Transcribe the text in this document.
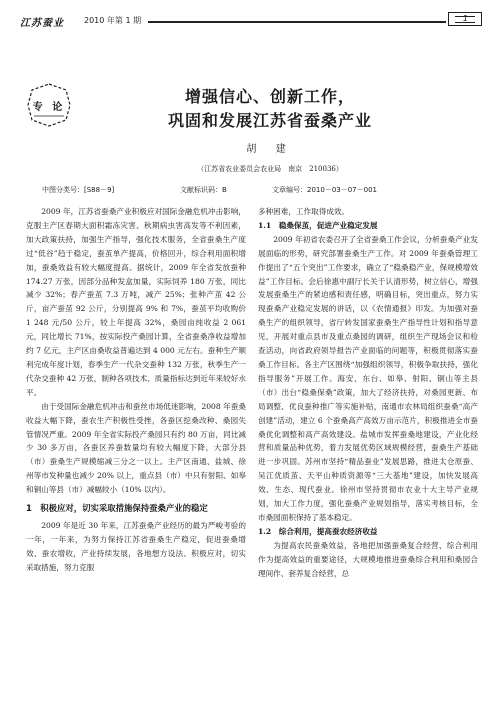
江苏蚕业	2010 年第 1 期	1
专 论
增强信心、创新工作，
巩固和发展江苏省蚕桑产业
胡 建
（江苏省农业委员会农业局　南京　210036）
中图分类号：[S88－9]	文献标识码：B	文章编号：2010－03－07－001

2009 年，江苏省蚕桑产业积极应对国际金融危机冲击影响，克服主产区春期大面积霜冻灾害、秋期病虫害高发等不利因素，加大政策扶持，加强生产指导，强化技术服务，全省蚕桑生产度过“低谷”趋于稳定，蚕茧单产提高，价格回升，综合利用面积增加，蚕桑效益有较大幅度提高。据统计，2009 年全省发放蚕种 174.27 万张，因部分品种发盒加量，实际饲养 180 万张，同比减少 32%；春产蚕茧 7.3 万吨，减产 25%；张种产茧 42 公斤，亩产蚕茧 92 公斤，分别提高 9% 和 7%，蚕茧平均收购价 1 248 元/50 公斤，较上年提高 32%，桑园亩纯收益 2 061 元，同比增长 71%，按实际投产桑园计算，全省蚕桑净收益增加约 7 亿元，主产区亩桑收益普遍达到 4 000 元左右。蚕种生产顺利完成年度计划，春季生产一代杂交蚕种 132 万张，秋季生产一代杂交蚕种 42 万张，制种各项技术、质量指标达到近年来较好水平。

由于受国际金融危机冲击和蚕丝市场低迷影响，2008 年蚕桑收益大幅下降，蚕农生产积极性受挫，各蚕区挖桑改种、桑园失管情况严重。2009 年全省实际投产桑园只有约 80 万亩，同比减少 30 多万亩，各蚕区养蚕数量均有较大幅度下降，大部分县（市）蚕桑生产规模缩减三分之一以上。主产区南通、盐城、徐州等市发种量也减少 20% 以上，重点县（市）中只有射阳、如皋和铜山等县（市）减幅较小（10% 以内）。

1　积极应对，切实采取措施保持蚕桑产业的稳定

2009 年是近 30 年来，江苏蚕桑产业经历的最为严峻考验的一年，一年来，为努力保持江苏省蚕桑生产稳定，促进蚕桑增效、蚕农增收，产业持续发展，各地想方设法、积极应对，切实采取措施，努力克服

多种困难，工作取得成效。

1.1　稳桑保茧，促进产业稳定发展

2009 年初省农委召开了全省蚕桑工作会议，分析蚕桑产业发展面临的形势，研究部署蚕桑生产工作。对 2009 年蚕桑管理工作提出了“五个突出”工作要求，确立了“稳桑稳产业，保规模增效益”工作目标。会后徐惠中副厅长关于认清形势，树立信心，增强发展蚕桑生产的紧迫感和责任感，明确目标，突出重点，努力实现蚕桑产业稳定发展的讲话，以《农情通报》印发。为加强对蚕桑生产的组织领导，省厅转发国家蚕桑生产指导性计划和指导意见，开展对重点县市及重点桑园的调研，组织生产现场会议和检查活动，向省政府领导报告产业面临的问题等，积极贯彻落实蚕桑工作目标。各主产区围绕“加强组织领导，积极争取扶持，强化指导服务”开展工作。海安、东台、如皋、射阳、铜山等主县（市）出台“稳桑保桑”政策，加大了经济扶持，对桑园更新、布局调整、优良蚕种推广等实施补贴，南通市农林局组织蚕桑“高产创建”活动，建立 6 个蚕桑高产高效万亩示范片，积极推进全市蚕桑优化调整和高产高效建设。盐城市发挥蚕桑地建设，产业化经营和质量品种优势，着力发展优势区域规模经营，蚕桑生产基础进一步巩固。苏州市坚持“精品蚕业”发展思路，推进太仓原蚕、吴江优质茧、天平山种质资源等“三大基地”建设，加快发展高效、生态、现代蚕业。徐州市坚持贯彻市农业十大主导产业规划，加大工作力度，强化蚕桑产业规划指导，落实考核目标，全市桑园面积保持了基本稳定。

1.2　综合利用，提高蚕农经济收益

为提高农民蚕桑效益，各地把加强蚕桑复合经营、综合利用作为提高效益的重要途径，大规模地推进蚕桑综合利用和桑园合理间作、套养复合经营，总
